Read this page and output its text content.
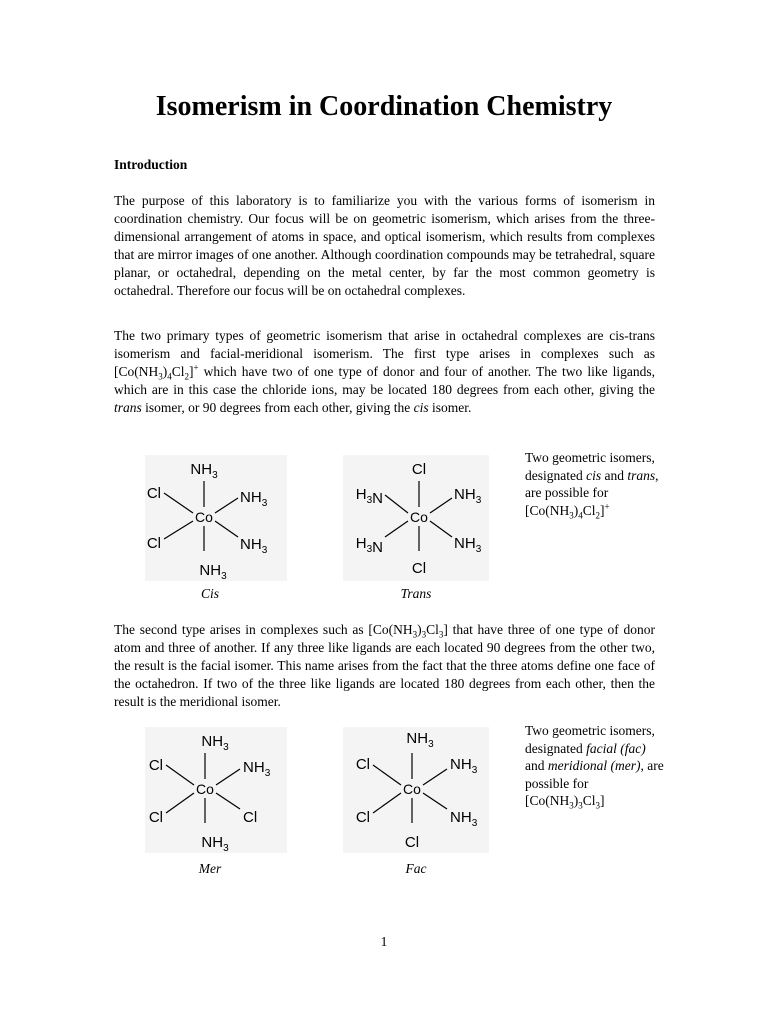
Isomerism in Coordination Chemistry
Introduction

The purpose of this laboratory is to familiarize you with the various forms of isomerism in coordination chemistry. Our focus will be on geometric isomerism, which arises from the three-dimensional arrangement of atoms in space, and optical isomerism, which results from complexes that are mirror images of one another. Although coordination compounds may be tetrahedral, square planar, or octahedral, depending on the metal center, by far the most common geometry is octahedral. Therefore our focus will be on octahedral complexes.

The two primary types of geometric isomerism that arise in octahedral complexes are cis-trans isomerism and facial-meridional isomerism. The first type arises in complexes such as $[Co(NH_3)_4Cl_2]^+$ which have two of one type of donor and four of another. The two like ligands, which are in this case the chloride ions, may be located 180 degrees from each other, giving the trans isomer, or 90 degrees from each other, giving the cis isomer.

$NH_3$
Co
Cl	$NH_3$
Cl	$NH_3$
$NH_3$
Cis
Cl
Co
$H_3N$	$NH_3$
$H_3N$	$NH_3$
Cl
Trans
Two geometric isomers, designated cis and trans, are possible for
$[Co(NH_3)_4Cl_2]^+$

The second type arises in complexes such as $[Co(NH_3)_3Cl_3]$ that have three of one type of donor atom and three of another. If any three like ligands are each located 90 degrees from the other two, the result is the facial isomer. This name arises from the fact that the three atoms define one face of the octahedron. If two of the three like ligands are located 180 degrees from each other, then the result is the meridional isomer.

$NH_3$
Co
Cl	$NH_3$
Cl	Cl
$NH_3$
Mer
$NH_3$
Co
Cl	$NH_3$
Cl	$NH_3$
Cl
Fac
Two geometric isomers, designated facial (fac) and meridional (mer), are possible for
$[Co(NH_3)_3Cl_3]$
1
